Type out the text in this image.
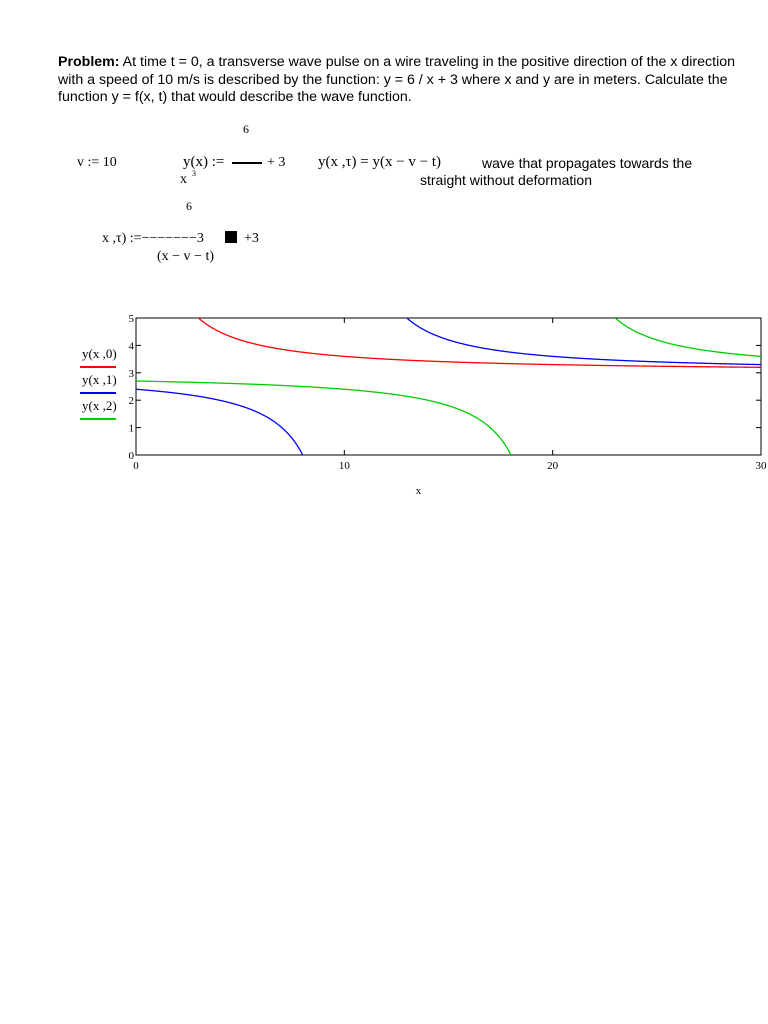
Problem: At time t = 0, a transverse wave pulse on a wire traveling in the positive direction of the x direction with a speed of 10 m/s is described by the function: y = 6 / x + 3 where x and y are in meters. Calculate the function y = f(x, t) that would describe the wave function.
6
v := 10	y(x) :=	+ 3
x 3
y(x ,τ) = y(x − v − t)	wave that propagates towards the
straight without deformation
6
x ,τ) :=−−−−−−−3	+3
(x − v − t)
y(x ,0)
y(x ,1)
y(x ,2)
0	10	20	30
0
1
2
3
4
5
x
